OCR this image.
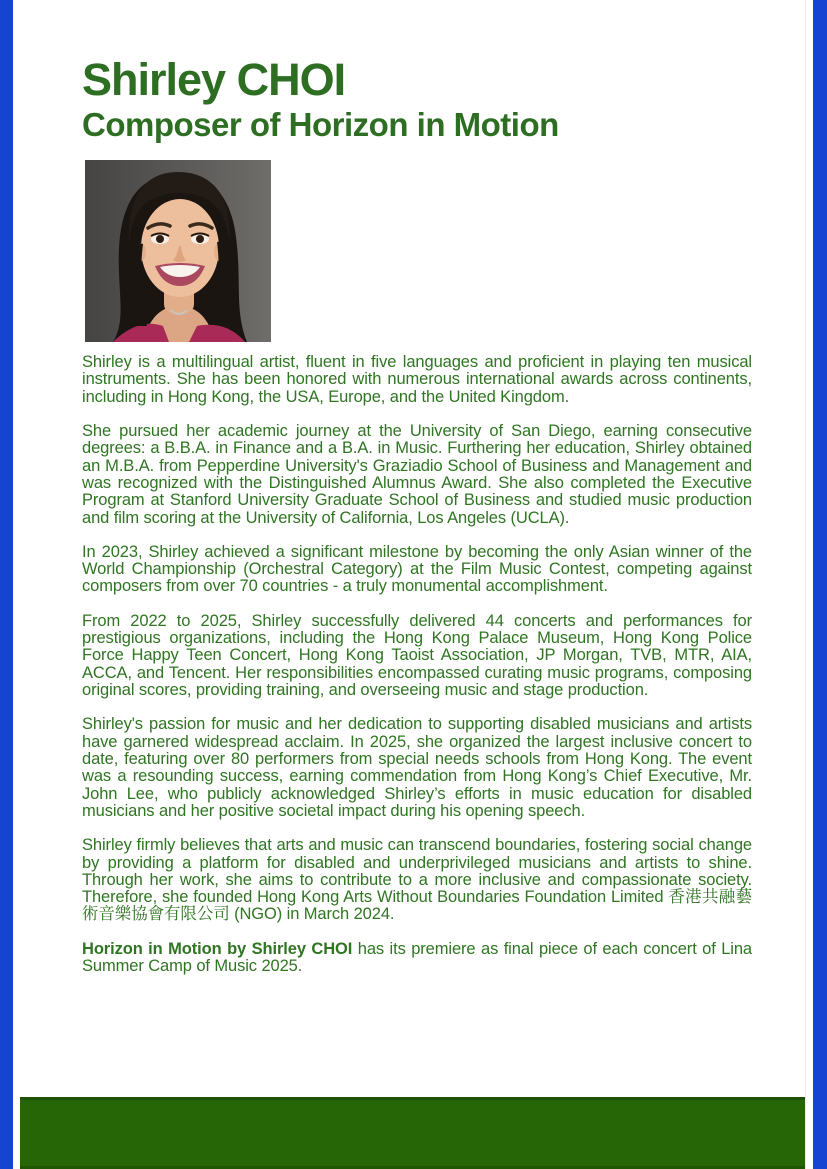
Shirley CHOI
Composer of Horizon in Motion

Shirley is a multilingual artist, fluent in five languages and proficient in playing ten musical instruments. She has been honored with numerous international awards across continents, including in Hong Kong, the USA, Europe, and the United Kingdom.

She pursued her academic journey at the University of San Diego, earning consecutive degrees: a B.B.A. in Finance and a B.A. in Music. Furthering her education, Shirley obtained an M.B.A. from Pepperdine University's Graziadio School of Business and Management and was recognized with the Distinguished Alumnus Award. She also completed the Executive Program at Stanford University Graduate School of Business and studied music production and film scoring at the University of California, Los Angeles (UCLA).

In 2023, Shirley achieved a significant milestone by becoming the only Asian winner of the World Championship (Orchestral Category) at the Film Music Contest, competing against composers from over 70 countries - a truly monumental accomplishment.

From 2022 to 2025, Shirley successfully delivered 44 concerts and performances for prestigious organizations, including the Hong Kong Palace Museum, Hong Kong Police Force Happy Teen Concert, Hong Kong Taoist Association, JP Morgan, TVB, MTR, AIA, ACCA, and Tencent. Her responsibilities encompassed curating music programs, composing original scores, providing training, and overseeing music and stage production.

Shirley's passion for music and her dedication to supporting disabled musicians and artists have garnered widespread acclaim. In 2025, she organized the largest inclusive concert to date, featuring over 80 performers from special needs schools from Hong Kong. The event was a resounding success, earning commendation from Hong Kong’s Chief Executive, Mr. John Lee, who publicly acknowledged Shirley’s efforts in music education for disabled musicians and her positive societal impact during his opening speech.

Shirley firmly believes that arts and music can transcend boundaries, fostering social change by providing a platform for disabled and underprivileged musicians and artists to shine. Through her work, she aims to contribute to a more inclusive and compassionate society. Therefore, she founded Hong Kong Arts Without Boundaries Foundation Limited 香港共融藝術音樂協會有限公司 (NGO) in March 2024.

Horizon in Motion by Shirley CHOI has its premiere as final piece of each concert of Lina Summer Camp of Music 2025.
